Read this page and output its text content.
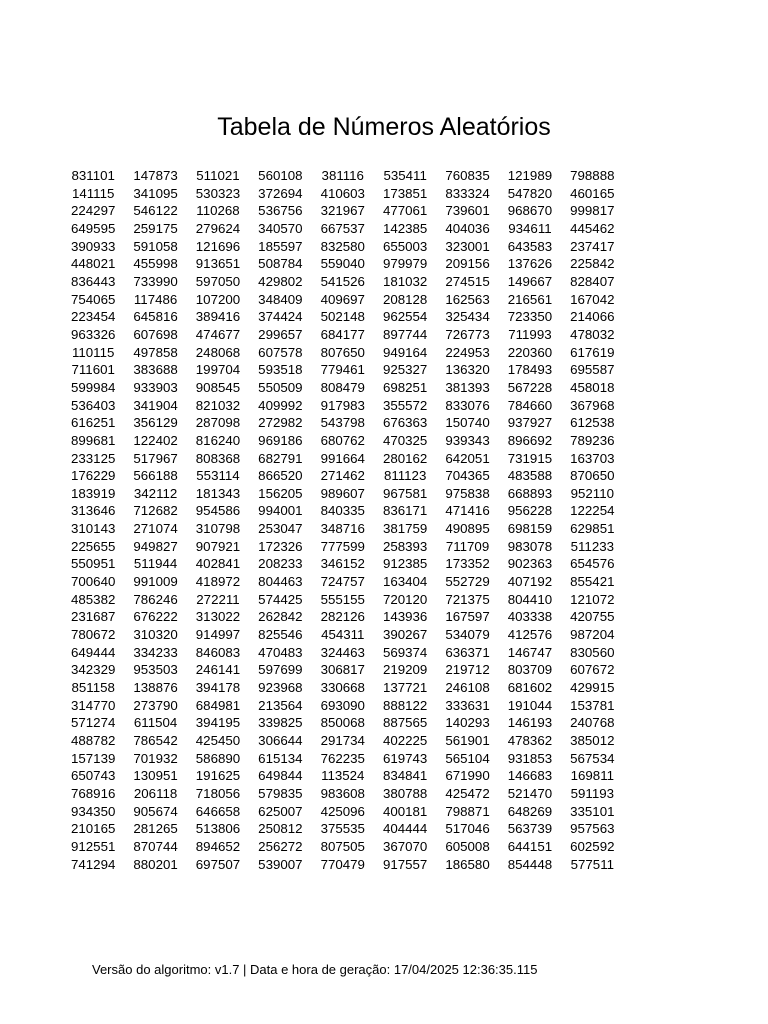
Tabela de Números Aleatórios
831101	147873	511021	560108	381116	535411	760835	121989	798888
141115	341095	530323	372694	410603	173851	833324	547820	460165
224297	546122	110268	536756	321967	477061	739601	968670	999817
649595	259175	279624	340570	667537	142385	404036	934611	445462
390933	591058	121696	185597	832580	655003	323001	643583	237417
448021	455998	913651	508784	559040	979979	209156	137626	225842
836443	733990	597050	429802	541526	181032	274515	149667	828407
754065	117486	107200	348409	409697	208128	162563	216561	167042
223454	645816	389416	374424	502148	962554	325434	723350	214066
963326	607698	474677	299657	684177	897744	726773	711993	478032
110115	497858	248068	607578	807650	949164	224953	220360	617619
711601	383688	199704	593518	779461	925327	136320	178493	695587
599984	933903	908545	550509	808479	698251	381393	567228	458018
536403	341904	821032	409992	917983	355572	833076	784660	367968
616251	356129	287098	272982	543798	676363	150740	937927	612538
899681	122402	816240	969186	680762	470325	939343	896692	789236
233125	517967	808368	682791	991664	280162	642051	731915	163703
176229	566188	553114	866520	271462	811123	704365	483588	870650
183919	342112	181343	156205	989607	967581	975838	668893	952110
313646	712682	954586	994001	840335	836171	471416	956228	122254
310143	271074	310798	253047	348716	381759	490895	698159	629851
225655	949827	907921	172326	777599	258393	711709	983078	511233
550951	511944	402841	208233	346152	912385	173352	902363	654576
700640	991009	418972	804463	724757	163404	552729	407192	855421
485382	786246	272211	574425	555155	720120	721375	804410	121072
231687	676222	313022	262842	282126	143936	167597	403338	420755
780672	310320	914997	825546	454311	390267	534079	412576	987204
649444	334233	846083	470483	324463	569374	636371	146747	830560
342329	953503	246141	597699	306817	219209	219712	803709	607672
851158	138876	394178	923968	330668	137721	246108	681602	429915
314770	273790	684981	213564	693090	888122	333631	191044	153781
571274	611504	394195	339825	850068	887565	140293	146193	240768
488782	786542	425450	306644	291734	402225	561901	478362	385012
157139	701932	586890	615134	762235	619743	565104	931853	567534
650743	130951	191625	649844	113524	834841	671990	146683	169811
768916	206118	718056	579835	983608	380788	425472	521470	591193
934350	905674	646658	625007	425096	400181	798871	648269	335101
210165	281265	513806	250812	375535	404444	517046	563739	957563
912551	870744	894652	256272	807505	367070	605008	644151	602592
741294	880201	697507	539007	770479	917557	186580	854448	577511
Versão do algoritmo: v1.7 | Data e hora de geração: 17/04/2025 12:36:35.115
